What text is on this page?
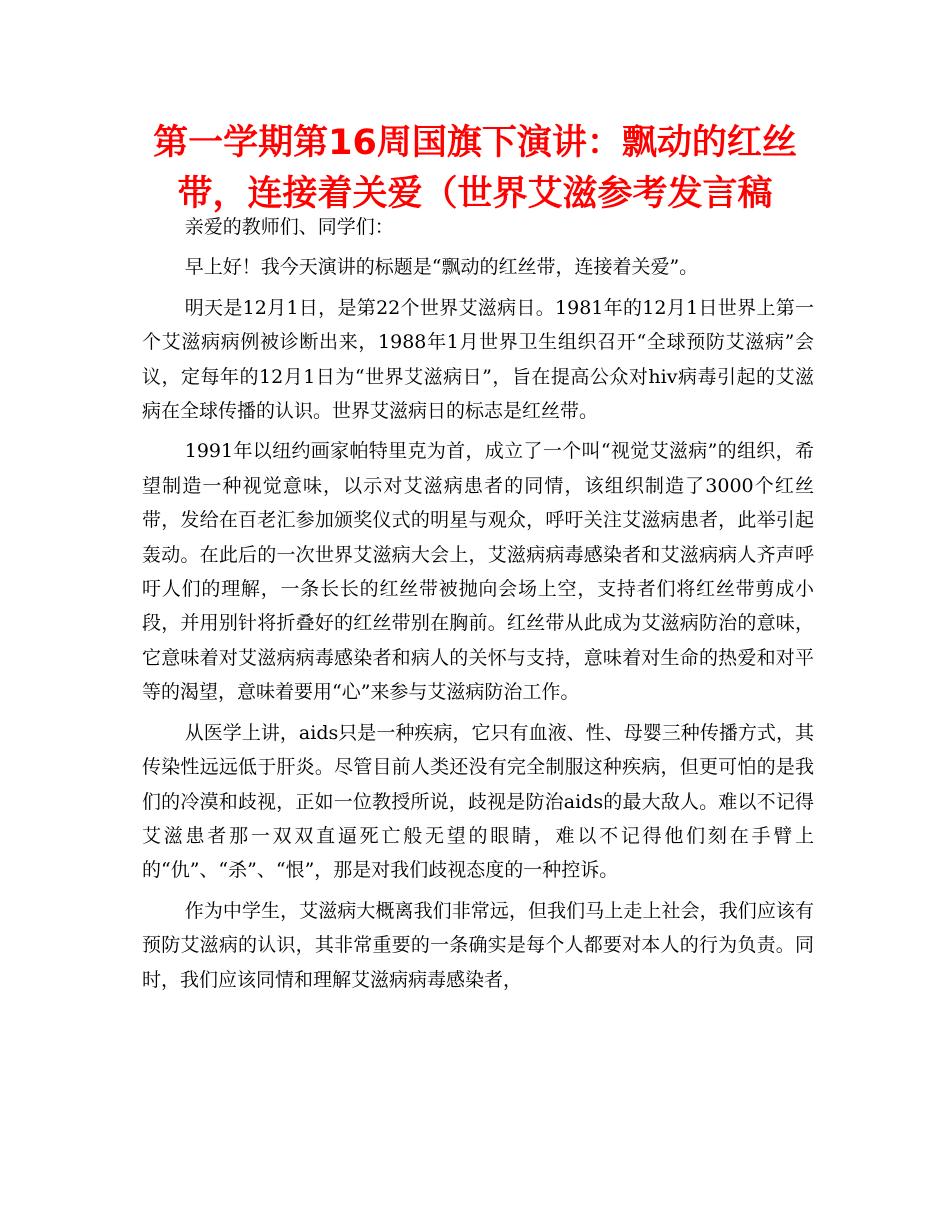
第一学期第16周国旗下演讲：飘动的红丝带，连接着关爱（世界艾滋参考发言稿

亲爱的教师们、同学们：

早上好！我今天演讲的标题是“飘动的红丝带，连接着关爱”。

明天是12月1日，是第22个世界艾滋病日。1981年的12月1日世界上第一个艾滋病病例被诊断出来，1988年1月世界卫生组织召开“全球预防艾滋病”会议，定每年的12月1日为“世界艾滋病日”，旨在提高公众对hiv病毒引起的艾滋病在全球传播的认识。世界艾滋病日的标志是红丝带。

1991年以纽约画家帕特里克为首，成立了一个叫“视觉艾滋病”的组织，希望制造一种视觉意味，以示对艾滋病患者的同情，该组织制造了3000个红丝带，发给在百老汇参加颁奖仪式的明星与观众，呼吁关注艾滋病患者，此举引起轰动。在此后的一次世界艾滋病大会上，艾滋病病毒感染者和艾滋病病人齐声呼吁人们的理解，一条长长的红丝带被抛向会场上空，支持者们将红丝带剪成小段，并用别针将折叠好的红丝带别在胸前。红丝带从此成为艾滋病防治的意味，它意味着对艾滋病病毒感染者和病人的关怀与支持，意味着对生命的热爱和对平等的渴望，意味着要用“心”来参与艾滋病防治工作。

从医学上讲，aids只是一种疾病，它只有血液、性、母婴三种传播方式，其传染性远远低于肝炎。尽管目前人类还没有完全制服这种疾病，但更可怕的是我们的冷漠和歧视，正如一位教授所说，歧视是防治aids的最大敌人。难以不记得艾滋患者那一双双直逼死亡般无望的眼睛，难以不记得他们刻在手臂上的“仇”、“杀”、“恨”，那是对我们歧视态度的一种控诉。

作为中学生，艾滋病大概离我们非常远，但我们马上走上社会，我们应该有预防艾滋病的认识，其非常重要的一条确实是每个人都要对本人的行为负责。同时，我们应该同情和理解艾滋病病毒感染者，
